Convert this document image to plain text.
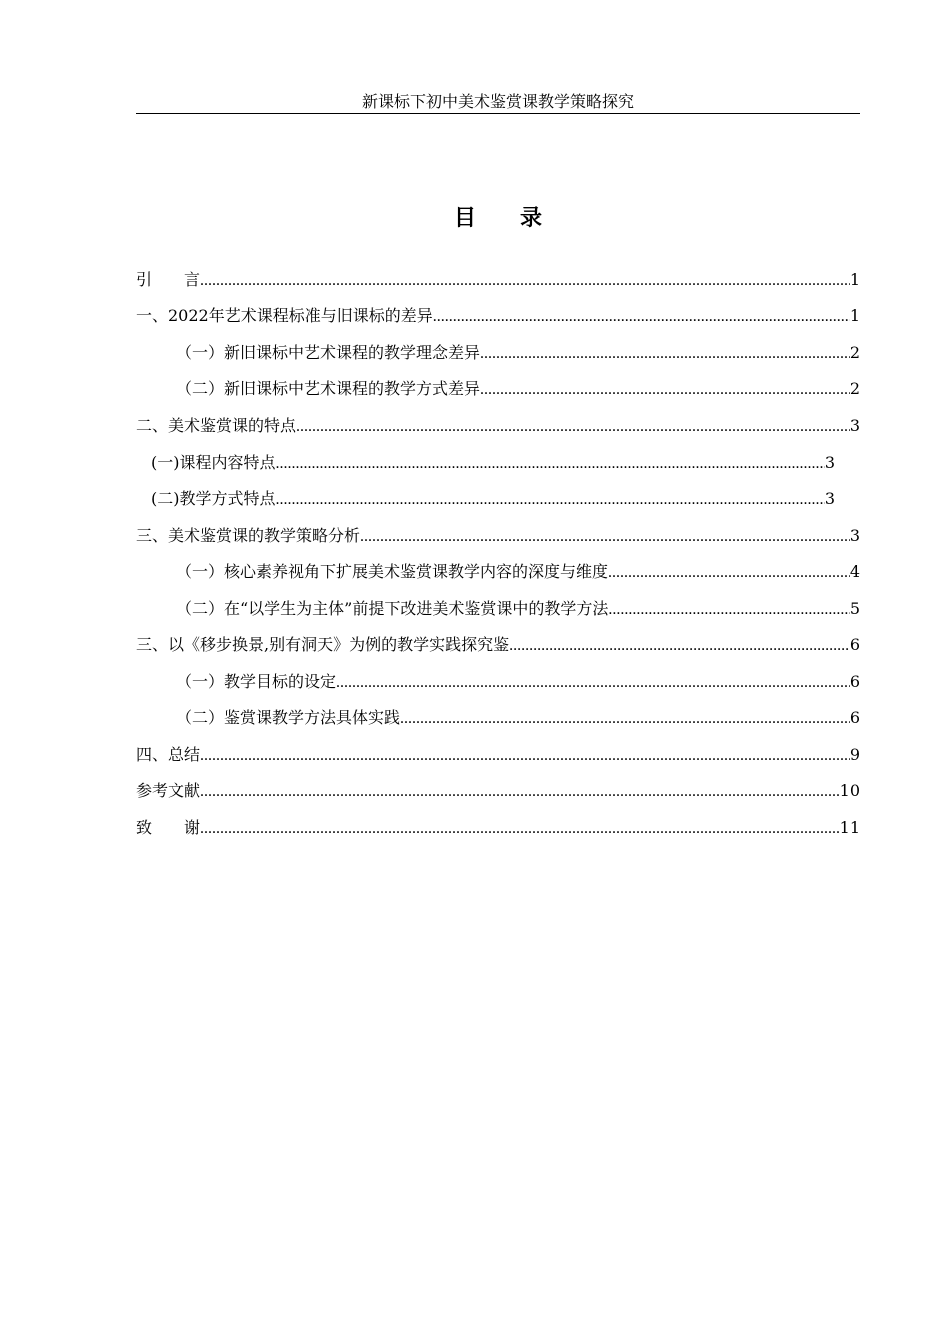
新课标下初中美术鉴赏课教学策略探究
目 录
引　　言 .....	1
一、2022年艺术课程标准与旧课标的差异 .....	1
（一）新旧课标中艺术课程的教学理念差异 .....	2
（二）新旧课标中艺术课程的教学方式差异 .....	2
二、美术鉴赏课的特点 .....	3
(一)课程内容特点 .....	3
(二)教学方式特点 .....	3
三、美术鉴赏课的教学策略分析 .....	3
（一）核心素养视角下扩展美术鉴赏课教学内容的深度与维度 .....	4
（二）在“以学生为主体”前提下改进美术鉴赏课中的教学方法 .....	5
三、以《移步换景,别有洞天》为例的教学实践探究鉴 .....	6
（一）教学目标的设定 .....	6
（二）鉴赏课教学方法具体实践 .....	6
四、总结 .....	9
参考文献 .....	10
致　　谢 .....	11
